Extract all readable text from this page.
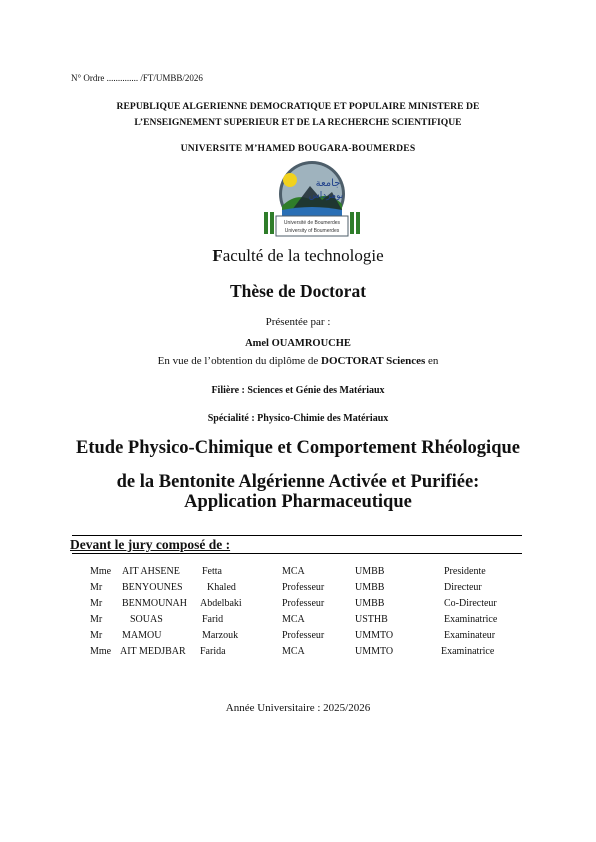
N° Ordre .............. /FT/UMBB/2026
REPUBLIQUE ALGERIENNE DEMOCRATIQUE ET POPULAIRE MINISTERE DE
L’ENSEIGNEMENT SUPERIEUR ET DE LA RECHERCHE SCIENTIFIQUE
UNIVERSITE M’HAMED BOUGARA-BOUMERDES
Université de Boumerdes
University of Boumerdes
جامعة
بومرداس
Faculté de la technologie
Thèse de Doctorat
Présentée par :
Amel OUAMROUCHE
En vue de l’obtention du diplôme de DOCTORAT Sciences en
Filière : Sciences et Génie des Matériaux
Spécialité : Physico-Chimie des Matériaux
Etude Physico-Chimique et Comportement Rhéologique
de la Bentonite Algérienne Activée et Purifiée:
Application Pharmaceutique
Devant le jury composé de :
Mme AIT AHSENE Fetta	MCA	UMBB	Presidente
Mr BENYOUNES Khaled	Professeur	UMBB	Directeur
Mr BENMOUNAH Abdelbaki	Professeur	UMBB	Co-Directeur
Mr	SOUAS	Farid	MCA	USTHB	Examinatrice
Mr MAMOU	Marzouk	Professeur	UMMTO	Examinateur
Mme AIT MEDJBAR Farida	MCA	UMMTO	Examinatrice
Année Universitaire : 2025/2026
